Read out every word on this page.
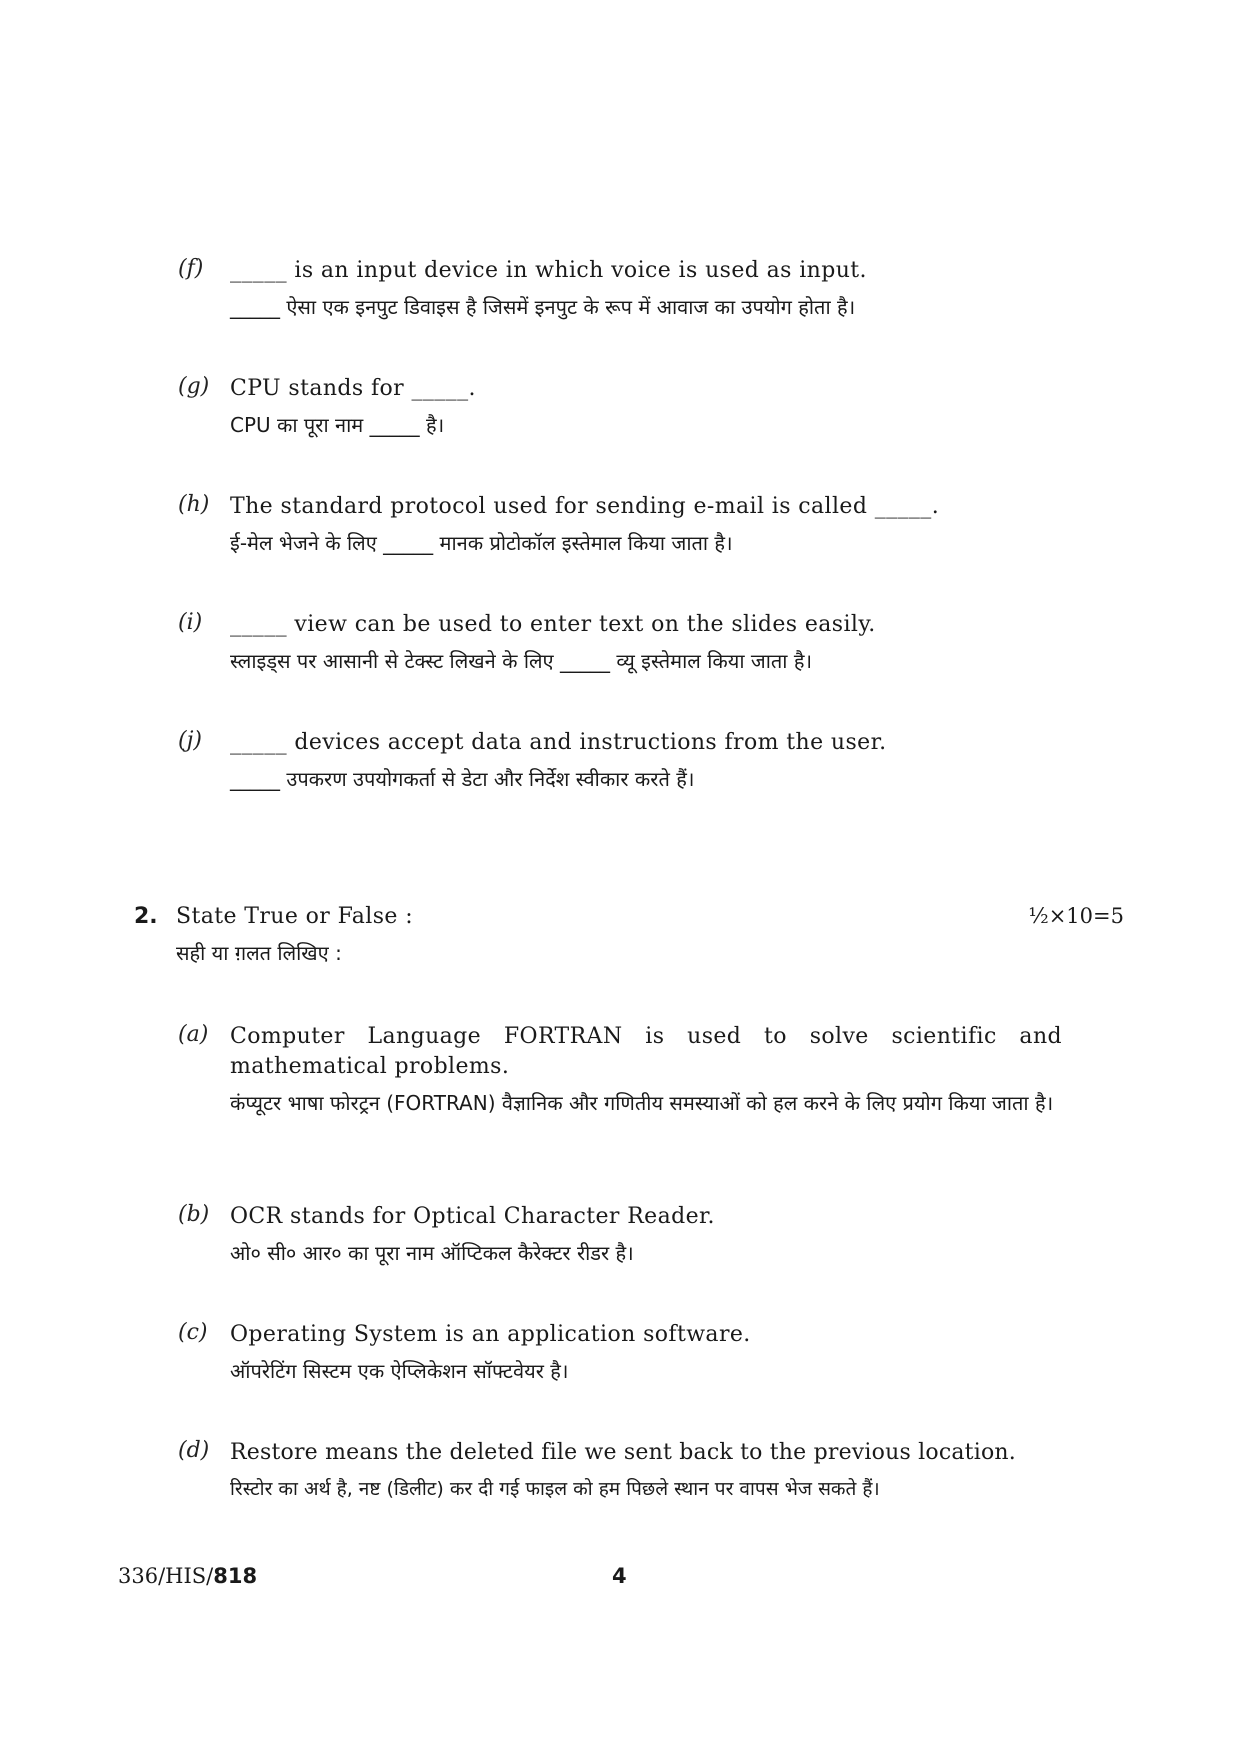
(f) _____ is an input device in which voice is used as input.
_____ ऐसा एक इनपुट डिवाइस है जिसमें इनपुट के रूप में आवाज का उपयोग होता है।
(g) CPU stands for _____.
CPU का पूरा नाम _____ है।
(h) The standard protocol used for sending e-mail is called _____.
ई-मेल भेजने के लिए _____ मानक प्रोटोकॉल इस्तेमाल किया जाता है।
(i) _____ view can be used to enter text on the slides easily.
स्लाइड्स पर आसानी से टेक्स्ट लिखने के लिए _____ व्यू इस्तेमाल किया जाता है।
(j) _____ devices accept data and instructions from the user.
_____ उपकरण उपयोगकर्ता से डेटा और निर्देश स्वीकार करते हैं।
2. State True or False :
सही या ग़लत लिखिए :
½×10=5
(a) Computer Language FORTRAN is used to solve scientific and mathematical problems.
कंप्यूटर भाषा फोरट्रन (FORTRAN) वैज्ञानिक और गणितीय समस्याओं को हल करने के लिए प्रयोग किया जाता है।
(b) OCR stands for Optical Character Reader.
ओ० सी० आर० का पूरा नाम ऑप्टिकल कैरेक्टर रीडर है।
(c) Operating System is an application software.
ऑपरेटिंग सिस्टम एक ऐप्लिकेशन सॉफ्टवेयर है।
(d) Restore means the deleted file we sent back to the previous location.
रिस्टोर का अर्थ है, नष्ट (डिलीट) कर दी गई फाइल को हम पिछले स्थान पर वापस भेज सकते हैं।
336/HIS/818	4
